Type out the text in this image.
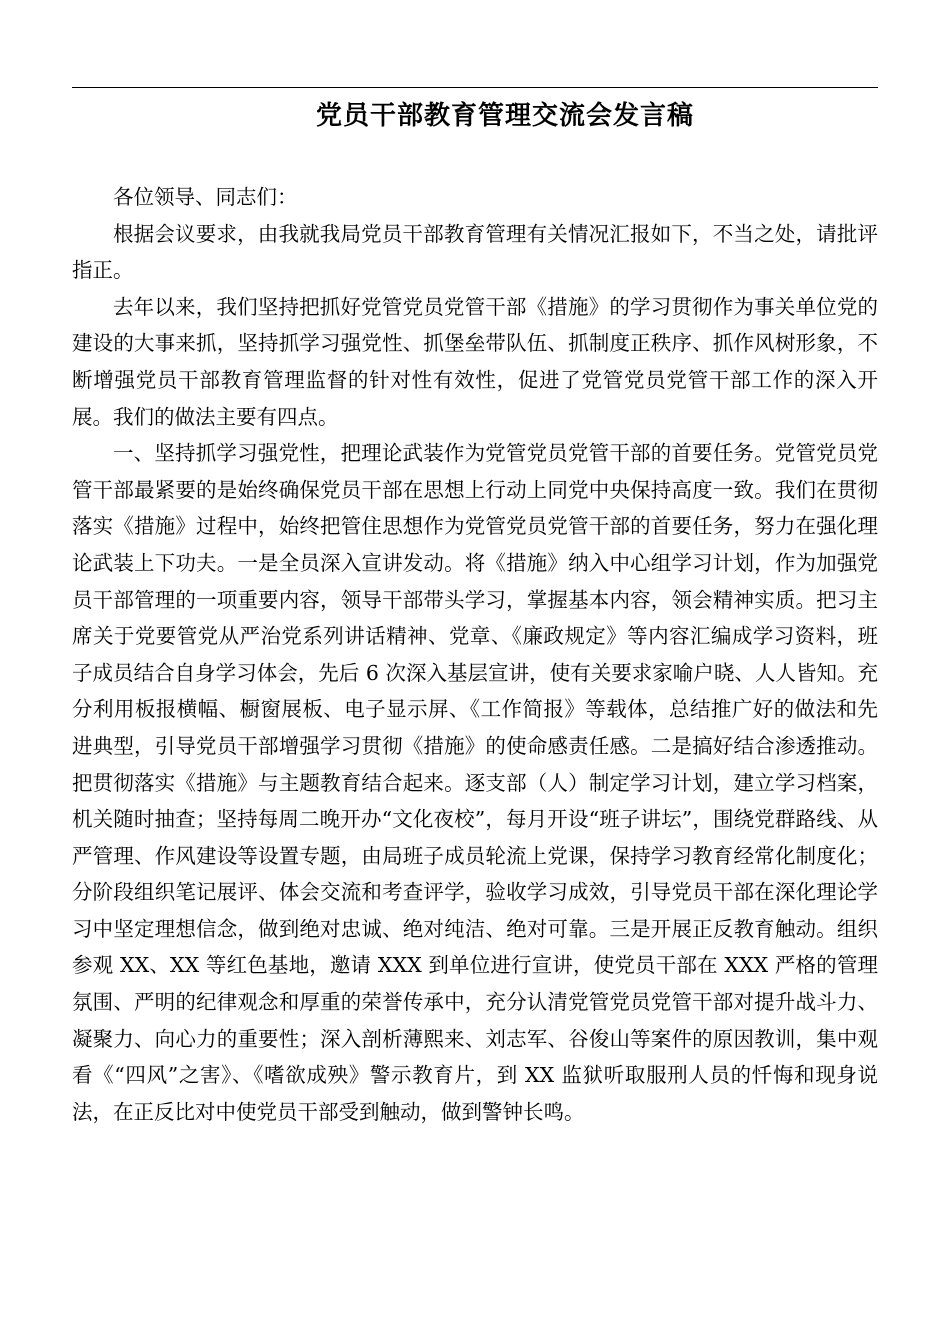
党员干部教育管理交流会发言稿

各位领导、同志们：

根据会议要求，由我就我局党员干部教育管理有关情况汇报如下，不当之处，请批评指正。

去年以来，我们坚持把抓好党管党员党管干部《措施》的学习贯彻作为事关单位党的建设的大事来抓，坚持抓学习强党性、抓堡垒带队伍、抓制度正秩序、抓作风树形象，不断增强党员干部教育管理监督的针对性有效性，促进了党管党员党管干部工作的深入开展。我们的做法主要有四点。

一、坚持抓学习强党性，把理论武装作为党管党员党管干部的首要任务。党管党员党管干部最紧要的是始终确保党员干部在思想上行动上同党中央保持高度一致。我们在贯彻落实《措施》过程中，始终把管住思想作为党管党员党管干部的首要任务，努力在强化理论武装上下功夫。一是全员深入宣讲发动。将《措施》纳入中心组学习计划，作为加强党员干部管理的一项重要内容，领导干部带头学习，掌握基本内容，领会精神实质。把习主席关于党要管党从严治党系列讲话精神、党章、《廉政规定》等内容汇编成学习资料，班子成员结合自身学习体会，先后 6 次深入基层宣讲，使有关要求家喻户晓、人人皆知。充分利用板报横幅、橱窗展板、电子显示屏、《工作简报》等载体，总结推广好的做法和先进典型，引导党员干部增强学习贯彻《措施》的使命感责任感。二是搞好结合渗透推动。把贯彻落实《措施》与主题教育结合起来。逐支部（人）制定学习计划，建立学习档案，机关随时抽查；坚持每周二晚开办“文化夜校”，每月开设“班子讲坛”，围绕党群路线、从严管理、作风建设等设置专题，由局班子成员轮流上党课，保持学习教育经常化制度化；分阶段组织笔记展评、体会交流和考查评学，验收学习成效，引导党员干部在深化理论学习中坚定理想信念，做到绝对忠诚、绝对纯洁、绝对可靠。三是开展正反教育触动。组织参观 XX、XX 等红色基地，邀请 XXX 到单位进行宣讲，使党员干部在 XXX 严格的管理氛围、严明的纪律观念和厚重的荣誉传承中，充分认清党管党员党管干部对提升战斗力、凝聚力、向心力的重要性；深入剖析薄熙来、刘志军、谷俊山等案件的原因教训，集中观看《“四风”之害》、《嗜欲成殃》警示教育片，到 XX 监狱听取服刑人员的忏悔和现身说法，在正反比对中使党员干部受到触动，做到警钟长鸣。
